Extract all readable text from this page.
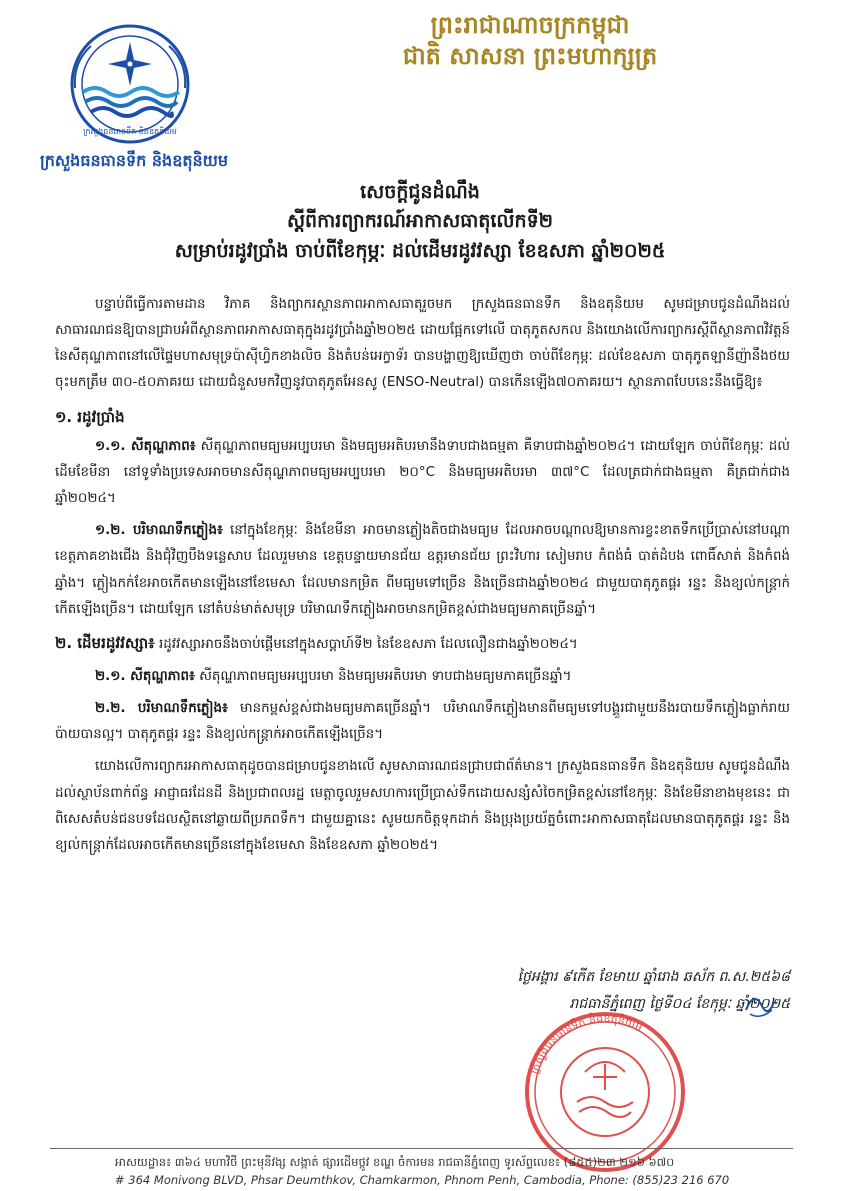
ក្រសួងធនធានទឹក និងឧតុនិយម
ក្រសួងធនធានទឹក និងឧតុនិយម
ព្រះរាជាណាចក្រកម្ពុជា
ជាតិ សាសនា ព្រះមហាក្សត្រ
សេចក្តីជូនដំណឹង
ស្តីពីការព្យាករណ៍អាកាសធាតុលើកទី២
សម្រាប់រដូវប្រាំង ចាប់ពីខែកុម្ភៈ ដល់ដើមរដូវវស្សា ខែឧសភា ឆ្នាំ២០២៥

បន្ទាប់ពីធ្វើការតាមដាន វិភាគ និងព្យាករស្ថានភាពអាកាសធាតុរួចមក ក្រសួងធនធានទឹក និងឧតុនិយម សូមជម្រាបជូនដំណឹងដល់សាធារណជនឱ្យបានជ្រាបអំពីស្ថានភាពអាកាសធាតុក្នុងរដូវប្រាំងឆ្នាំ២០២៥ ដោយផ្អែកទៅលើ បាតុភូតសកល និងយោងលើការព្យាករស្តីពីស្ថានភាពវិវត្តន៍នៃសីតុណ្ហភាពនៅលើផ្ទៃមហាសមុទ្រប៉ាស៊ីហ្វិកខាងលិច និងតំបន់អេក្វាទ័រ បានបង្ហាញឱ្យឃើញថា ចាប់ពីខែកុម្ភៈ ដល់ខែឧសភា បាតុភូតឡានីញ៉ានឹងថយចុះមកត្រឹម ៣០-៥០ភាគរយ ដោយជំនួសមកវិញនូវបាតុភូតអែនសូ (ENSO-Neutral) បានកើនឡើង៧០ភាគរយ។ ស្ថានភាពបែបនេះនឹងធ្វើឱ្យ៖

១. រដូវប្រាំង

១.១. សីតុណ្ហភាព៖ សីតុណ្ហភាពមធ្យមអប្បបរមា និងមធ្យមអតិបរមានឹងទាបជាងធម្មតា គឺទាបជាងឆ្នាំ២០២៤។ ដោយឡែក ចាប់ពីខែកុម្ភៈ ដល់ដើមខែមីនា នៅទូទាំងប្រទេសអាចមានសីតុណ្ហភាពមធ្យមអប្បបរមា ២០°C និងមធ្យមអតិបរមា ៣៧°C ដែលត្រជាក់ជាងធម្មតា គឺត្រជាក់ជាងឆ្នាំ២០២៤។

១.២. បរិមាណទឹកភ្លៀង៖ នៅក្នុងខែកុម្ភៈ និងខែមីនា អាចមានភ្លៀងតិចជាងមធ្យម ដែលអាចបណ្តាលឱ្យមានការខ្វះខាតទឹកប្រើប្រាស់នៅបណ្តាខេត្តភាគខាងជើង និងជុំវិញបឹងទន្លេសាប ដែលរួមមាន ខេត្តបន្ទាយមានជ័យ ឧត្តរមានជ័យ ព្រះវិហារ សៀមរាប កំពង់ធំ បាត់ដំបង ពោធិ៍សាត់ និងកំពង់ឆ្នាំង។ ភ្លៀងកក់ខែអាចកើតមានឡើងនៅខែមេសា ដែលមានកម្រិត ពីមធ្យមទៅច្រើន និងច្រើនជាងឆ្នាំ២០២៤ ជាមួយបាតុភូតផ្គរ រន្ទះ និងខ្យល់កន្ត្រាក់កើតឡើងច្រើន។ ដោយឡែក នៅតំបន់មាត់សមុទ្រ បរិមាណទឹកភ្លៀងអាចមានកម្រិតខ្ពស់ជាងមធ្យមភាគច្រើនឆ្នាំ។

២. ដើមរដូវវស្សា៖ រដូវវស្សាអាចនឹងចាប់ផ្តើមនៅក្នុងសប្តាហ៍ទី២ នៃខែឧសភា ដែលលឿនជាងឆ្នាំ២០២៤។

២.១. សីតុណ្ហភាព៖ សីតុណ្ហភាពមធ្យមអប្បបរមា និងមធ្យមអតិបរមា ទាបជាងមធ្យមភាគច្រើនឆ្នាំ។

២.២. បរិមាណទឹកភ្លៀង៖ មានកម្ពស់ខ្ពស់ជាងមធ្យមភាគច្រើនឆ្នាំ។ បរិមាណទឹកភ្លៀងមានពីមធ្យមទៅបង្គួរជាមួយនឹងរបាយទឹកភ្លៀងធ្លាក់រាយប៉ាយបានល្អ។ បាតុភូតផ្គរ រន្ទះ និងខ្យល់កន្ត្រាក់អាចកើតឡើងច្រើន។

យោងលើការព្យាករអាកាសធាតុដូចបានជម្រាបជូនខាងលើ សូមសាធារណជនជ្រាបជាព័ត៌មាន។ ក្រសួងធនធានទឹក និងឧតុនិយម សូមជូនដំណឹងដល់ស្ថាប័នពាក់ព័ន្ធ អាជ្ញាធរដែនដី និងប្រជាពលរដ្ឋ មេត្តាចូលរួមសហការប្រើប្រាស់ទឹកដោយសន្សំសំចៃកម្រិតខ្ពស់នៅខែកុម្ភៈ និងខែមីនាខាងមុខនេះ ជាពិសេសតំបន់ជនបទដែលស្ថិតនៅឆ្ងាយពីប្រភពទឹក។ ជាមួយគ្នានេះ សូមយកចិត្តទុកដាក់ និងប្រុងប្រយ័ត្នចំពោះអាកាសធាតុដែលមានបាតុភូតផ្គរ រន្ទះ និងខ្យល់កន្ត្រាក់ដែលអាចកើតមានច្រើននៅក្នុងខែមេសា និងខែឧសភា ឆ្នាំ២០២៥។

ថ្ងៃអង្គារ ៩កើត ខែមាឃ ឆ្នាំរោង ឆស័ក ព.ស.២៥៦៨
រាជធានីភ្នំពេញ ថ្ងៃទី០៤ ខែកុម្ភៈ ឆ្នាំ២០២៥
ក្រសួងធនធានទឹក និងឧតុនិយម
អាសយដ្ឋាន៖ ៣៦៤ មហាវិថី ព្រះមុនីវង្ស សង្កាត់ ផ្សារដើមថ្កូវ ខណ្ឌ ចំការមន រាជធានីភ្នំពេញ ទូរស័ព្ទលេខ៖ (៨៥៥)២៣ ២១៦ ៦៧០
# 364 Monivong BLVD, Phsar Deumthkov, Chamkarmon, Phnom Penh, Cambodia, Phone: (855)23 216 670
